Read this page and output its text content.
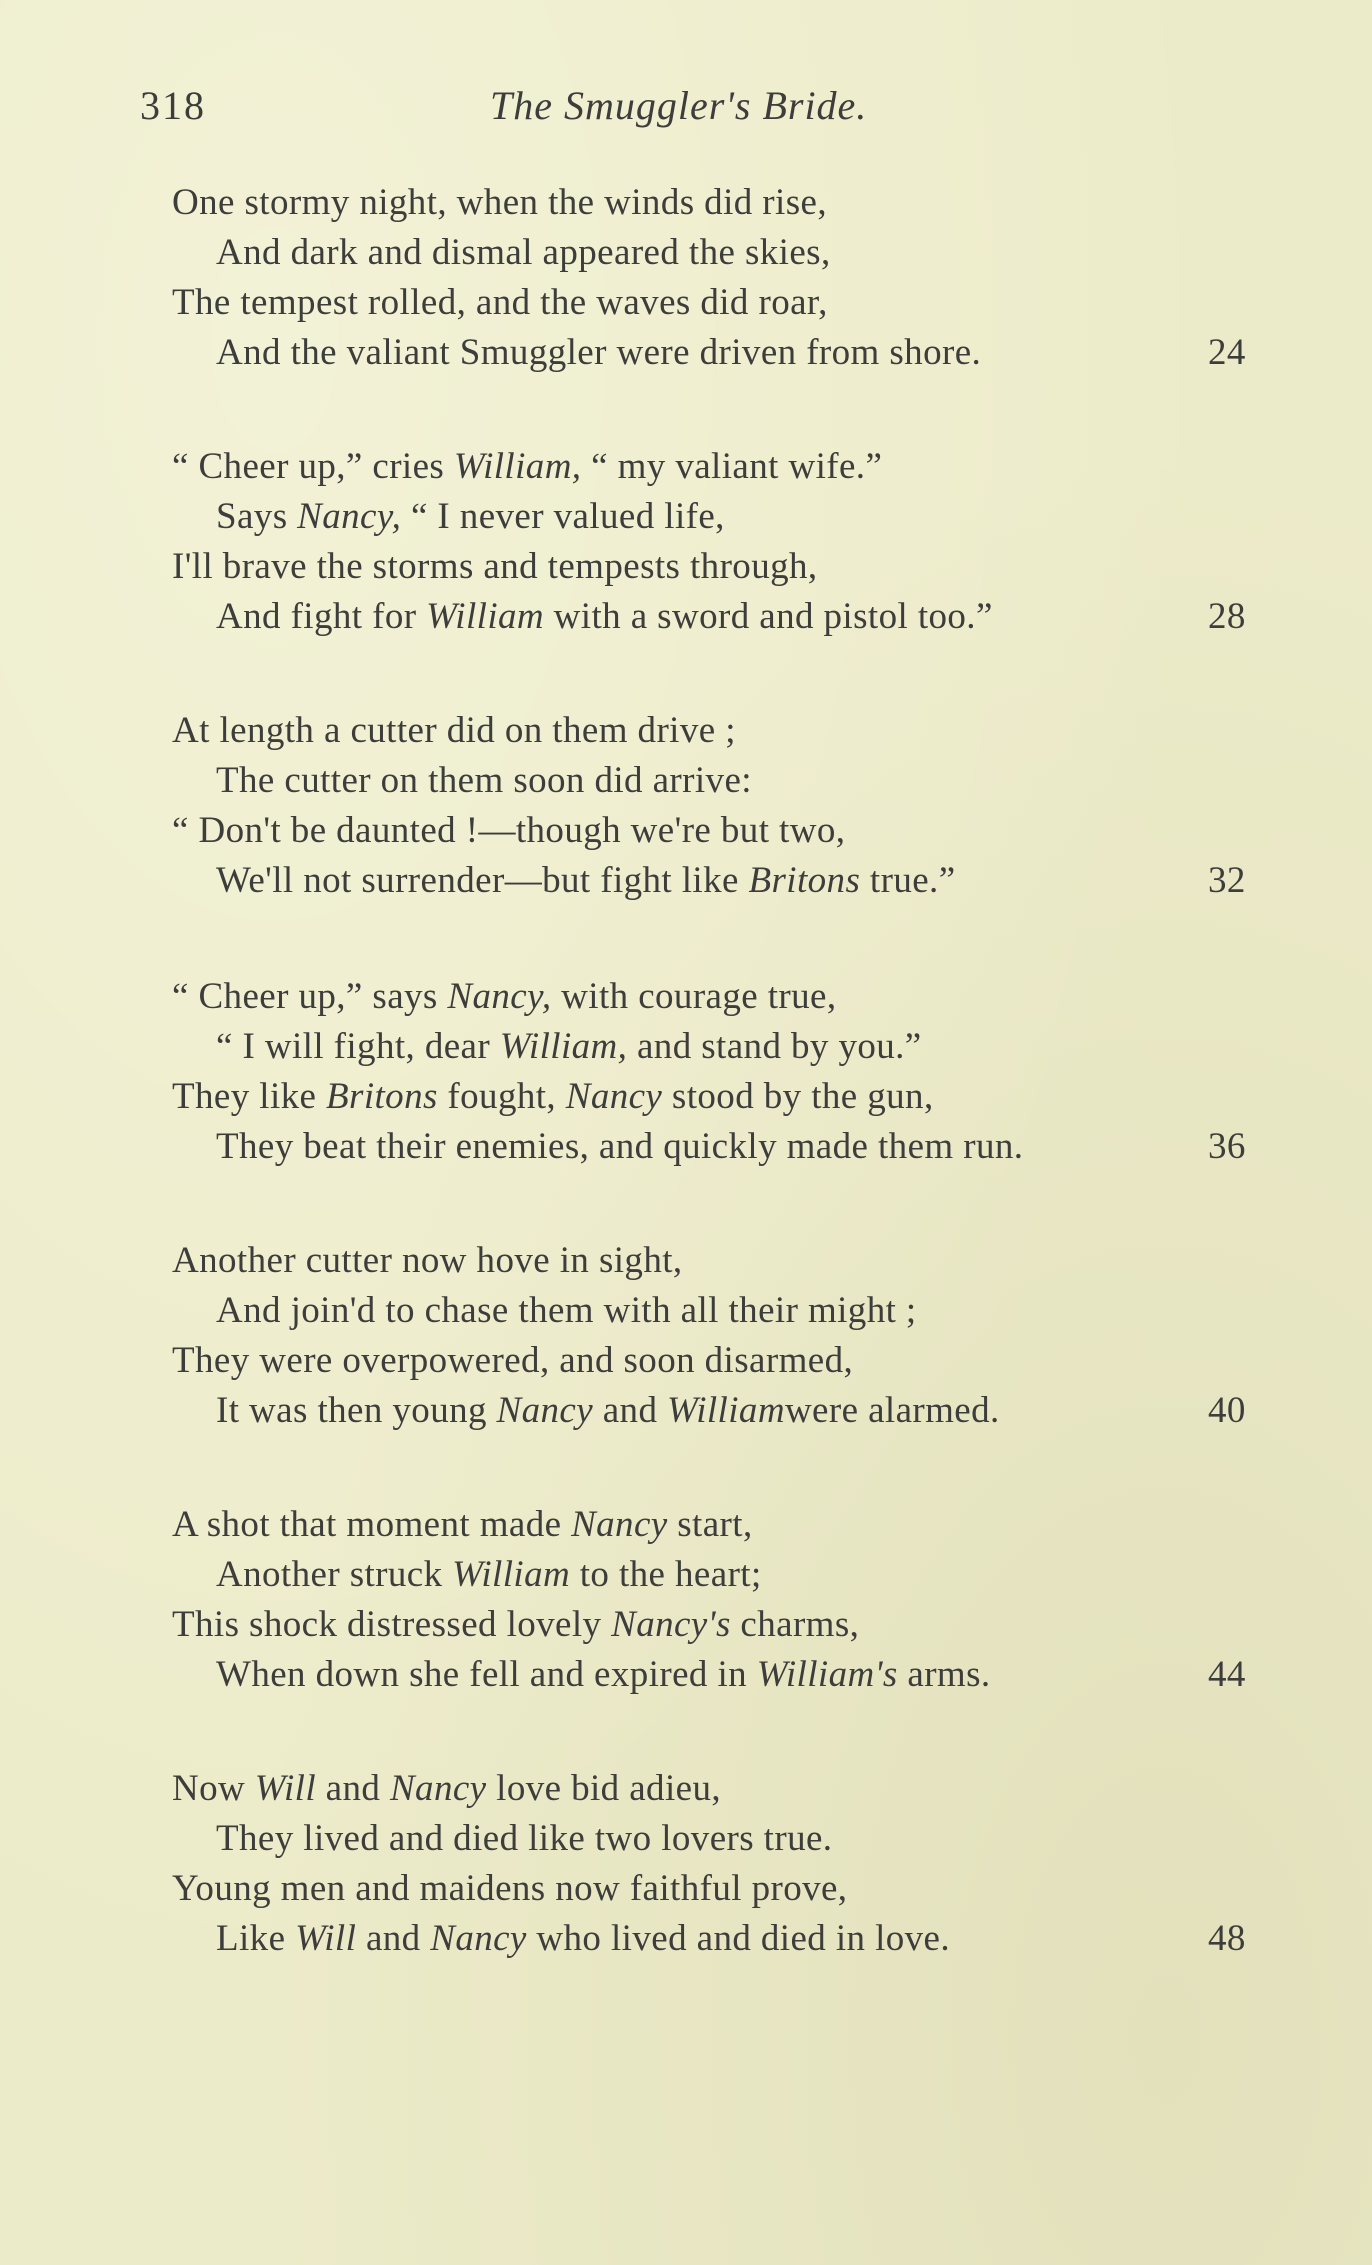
318	The Smuggler's Bride.
One stormy night, when the winds did rise,
And dark and dismal appeared the skies,
The tempest rolled, and the waves did roar,
And the valiant Smuggler were driven from shore.	24
“ Cheer up,” cries William, “ my valiant wife.”
Says Nancy, “ I never valued life,
I'll brave the storms and tempests through,
And fight for William with a sword and pistol too.”	28
At length a cutter did on them drive ;
The cutter on them soon did arrive:
“ Don't be daunted !—though we're but two,
We'll not surrender—but fight like Britons true.”	32
“ Cheer up,” says Nancy, with courage true,
“ I will fight, dear William, and stand by you.”
They like Britons fought, Nancy stood by the gun,
They beat their enemies, and quickly made them run.	36
Another cutter now hove in sight,
And join'd to chase them with all their might ;
They were overpowered, and soon disarmed,
It was then young Nancy and Williamwere alarmed.	40
A shot that moment made Nancy start,
Another struck William to the heart;
This shock distressed lovely Nancy's charms,
When down she fell and expired in William's arms.	44
Now Will and Nancy love bid adieu,
They lived and died like two lovers true.
Young men and maidens now faithful prove,
Like Will and Nancy who lived and died in love.	48
